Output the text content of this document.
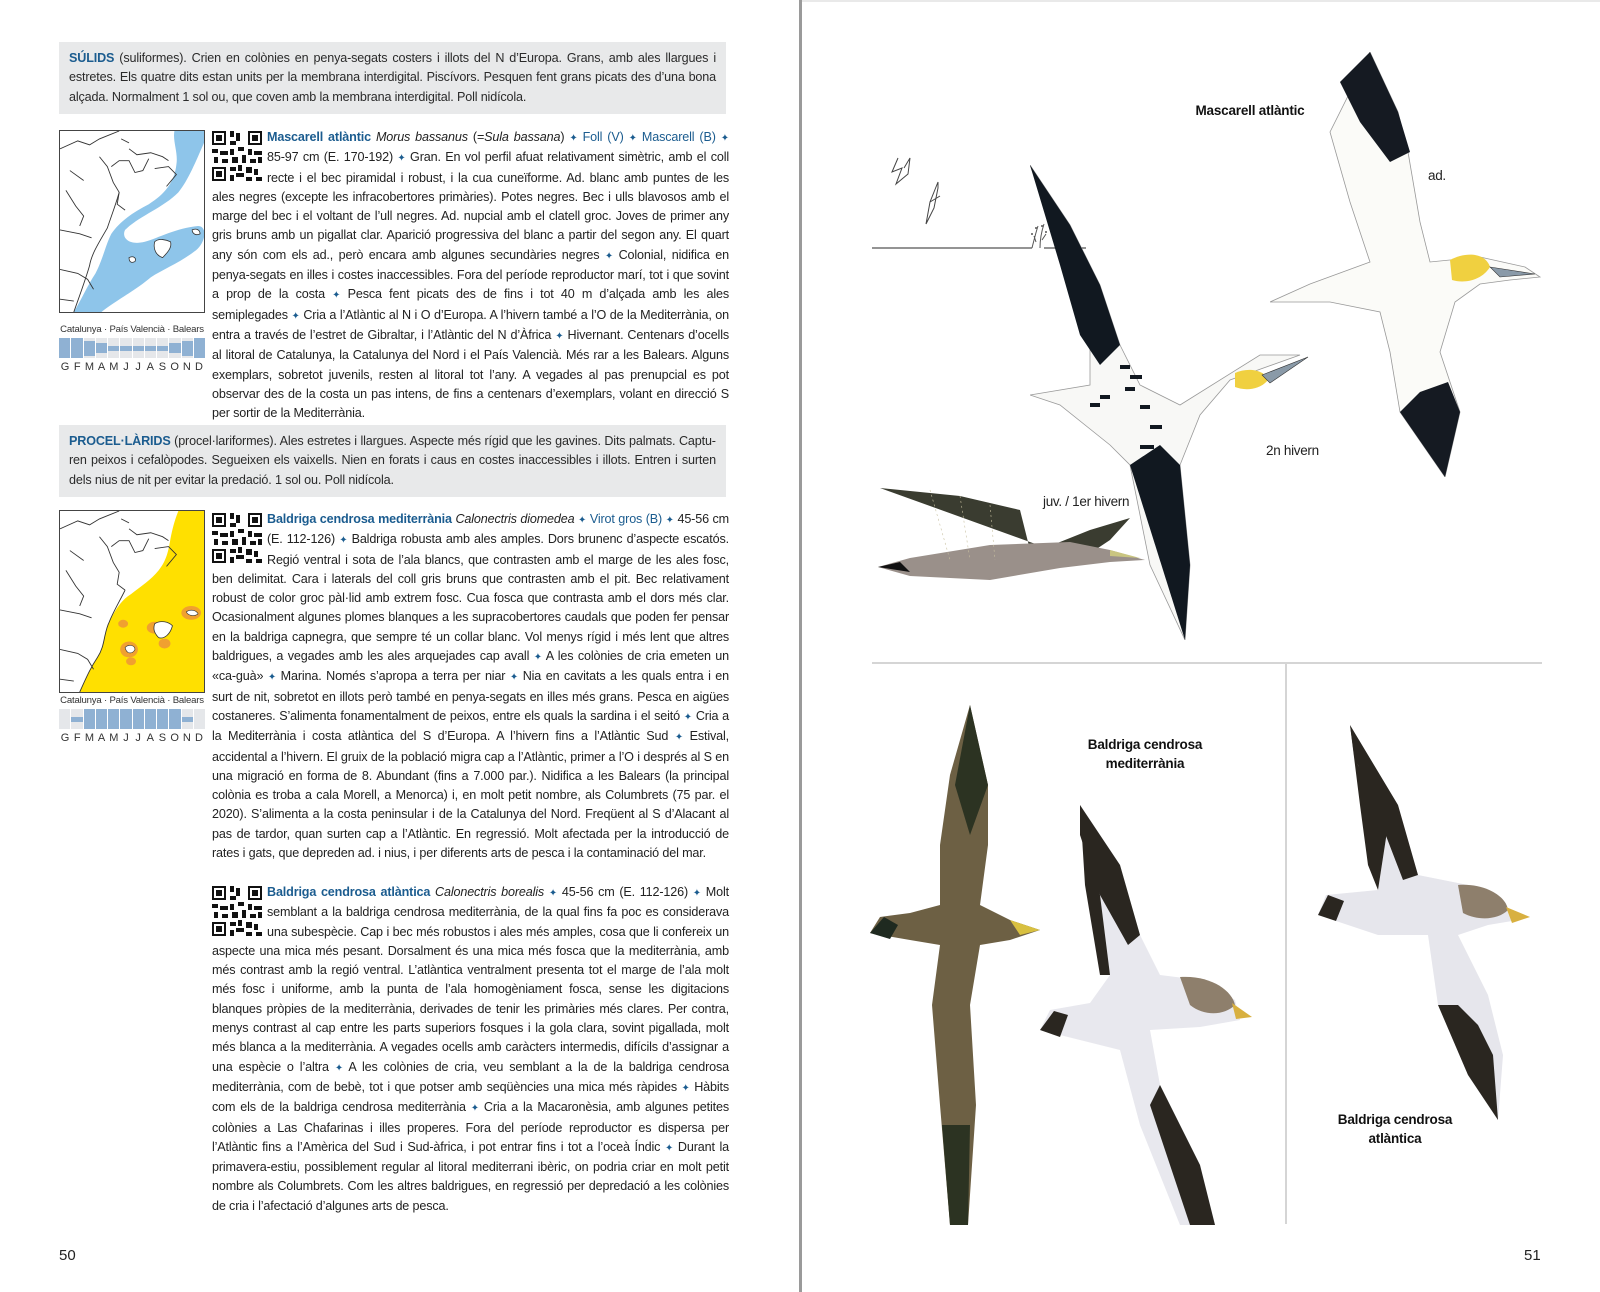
SÚLIDS (suliformes). Crien en colònies en penya-segats costers i illots del N d’Europa. Grans, amb ales llargues i estretes. Els quatre dits estan units per la membrana interdigital. Piscívors. Pesquen fent grans picats des d’una bona alçada. Normalment 1 sol ou, que coven amb la membrana interdigital. Poll nidícola.
Catalunya · País Valencià · Balears
G F M A M J J A S O N D
Mascarell atlàntic Morus bassanus (=Sula bassana) ✦ Foll (V) ✦ Mascarell (B) ✦ 85-97 cm (E. 170-192) ✦ Gran. En vol perfil afuat relativament simètric, amb el coll recte i el bec piramidal i robust, i la cua cuneïforme. Ad. blanc amb puntes de les ales negres (excepte les infracobertores primàries). Potes negres. Bec i ulls blavosos amb el marge del bec i el voltant de l’ull negres. Ad. nupcial amb el clatell groc. Joves de primer any gris bruns amb un pigallat clar. Aparició progressiva del blanc a partir del segon any. El quart any són com els ad., però encara amb algunes secundàries negres ✦ Colonial, nidifica en penya-segats en illes i costes inaccessibles. Fora del període reproductor marí, tot i que sovint a prop de la costa ✦ Pesca fent picats des de fins i tot 40 m d’alçada amb les ales semiplegades ✦ Cria a l’Atlàntic al N i O d’Europa. A l’hivern també a l’O de la Mediterrània, on entra a través de l’estret de Gibraltar, i l’Atlàntic del N d’Àfrica ✦ Hivernant. Centenars d’ocells al litoral de Catalunya, la Catalunya del Nord i el País Valencià. Més rar a les Balears. Alguns exemplars, sobretot juvenils, resten al litoral tot l’any. A vegades al pas prenupcial es pot observar des de la costa un pas intens, de fins a centenars d’exemplars, volant en direcció S per sortir de la Mediterrània.
PROCEL·LÀRIDS (procel·lariformes). Ales estretes i llargues. Aspecte més rígid que les gavines. Dits palmats. Capturen peixos i cefalòpodes. Segueixen els vaixells. Nien en forats i caus en costes inaccessibles i illots. Entren i surten dels nius de nit per evitar la predació. 1 sol ou. Poll nidícola.
Catalunya · País Valencià · Balears
G F M A M J J A S O N D
Baldriga cendrosa mediterrània Calonectris diomedea ✦ Virot gros (B) ✦ 45-56 cm (E. 112-126) ✦ Baldriga robusta amb ales amples. Dors brunenc d’aspecte escatós. Regió ventral i sota de l’ala blancs, que contrasten amb el marge de les ales fosc, ben delimitat. Cara i laterals del coll gris bruns que contrasten amb el pit. Bec relativament robust de color groc pàl·lid amb extrem fosc. Cua fosca que contrasta amb el dors més clar. Ocasionalment algunes plomes blanques a les supracobertores caudals que poden fer pensar en la baldriga capnegra, que sempre té un collar blanc. Vol menys rígid i més lent que altres baldrigues, a vegades amb les ales arquejades cap avall ✦ A les colònies de cria emeten un «ca-guà» ✦ Marina. Només s’apropa a terra per niar ✦ Nia en cavitats a les quals entra i en surt de nit, sobretot en illots però també en penya-segats en illes més grans. Pesca en aigües costaneres. S’alimenta fonamentalment de peixos, entre els quals la sardina i el seitó ✦ Cria a la Mediterrània i costa atlàntica del S d’Europa. A l’hivern fins a l’Atlàntic Sud ✦ Estival, accidental a l’hivern. El gruix de la població migra cap a l’Atlàntic, primer a l’O i després al S en una migració en forma de 8. Abundant (fins a 7.000 par.). Nidifica a les Balears (la principal colònia es troba a cala Morell, a Menorca) i, en molt petit nombre, als Columbrets (75 par. el 2020). S’alimenta a la costa peninsular i de la Catalunya del Nord. Freqüent al S d’Alacant al pas de tardor, quan surten cap a l’Atlàntic. En regressió. Molt afectada per la introducció de rates i gats, que depreden ad. i nius, i per diferents arts de pesca i la contaminació del mar.
Baldriga cendrosa atlàntica Calonectris borealis ✦ 45-56 cm (E. 112-126) ✦ Molt semblant a la baldriga cendrosa mediterrània, de la qual fins fa poc es considerava una subespècie. Cap i bec més robustos i ales més amples, cosa que li confereix un aspecte una mica més pesant. Dorsalment és una mica més fosca que la mediterrània, amb més contrast amb la regió ventral. L’atlàntica ventralment presenta tot el marge de l’ala molt més fosc i uniforme, amb la punta de l’ala homogèniament fosca, sense les digitacions blanques pròpies de la mediterrània, derivades de tenir les primàries més clares. Per contra, menys contrast al cap entre les parts superiors fosques i la gola clara, sovint pigallada, molt més blanca a la mediterrània. A vegades ocells amb caràcters intermedis, difícils d’assignar a una espècie o l’altra ✦ A les colònies de cria, veu semblant a la de la baldriga cendrosa mediterrània, com de bebè, tot i que potser amb seqüències una mica més ràpides ✦ Hàbits com els de la baldriga cendrosa mediterrània ✦ Cria a la Macaronèsia, amb algunes petites colònies a Las Chafarinas i illes properes. Fora del període reproductor es dispersa per l’Atlàntic fins a l’Amèrica del Sud i Sud-àfrica, i pot entrar fins i tot a l’oceà Índic ✦ Durant la primavera-estiu, possiblement regular al litoral mediterrani ibèric, on podria criar en molt petit nombre als Columbrets. Com les altres baldrigues, en regressió per depredació a les colònies de cria i l’afectació d’algunes arts de pesca.
50
Mascarell atlàntic
ad.
2n hivern
juv. / 1er hivern
Baldriga cendrosa
mediterrània
Baldriga cendrosa
atlàntica
51
